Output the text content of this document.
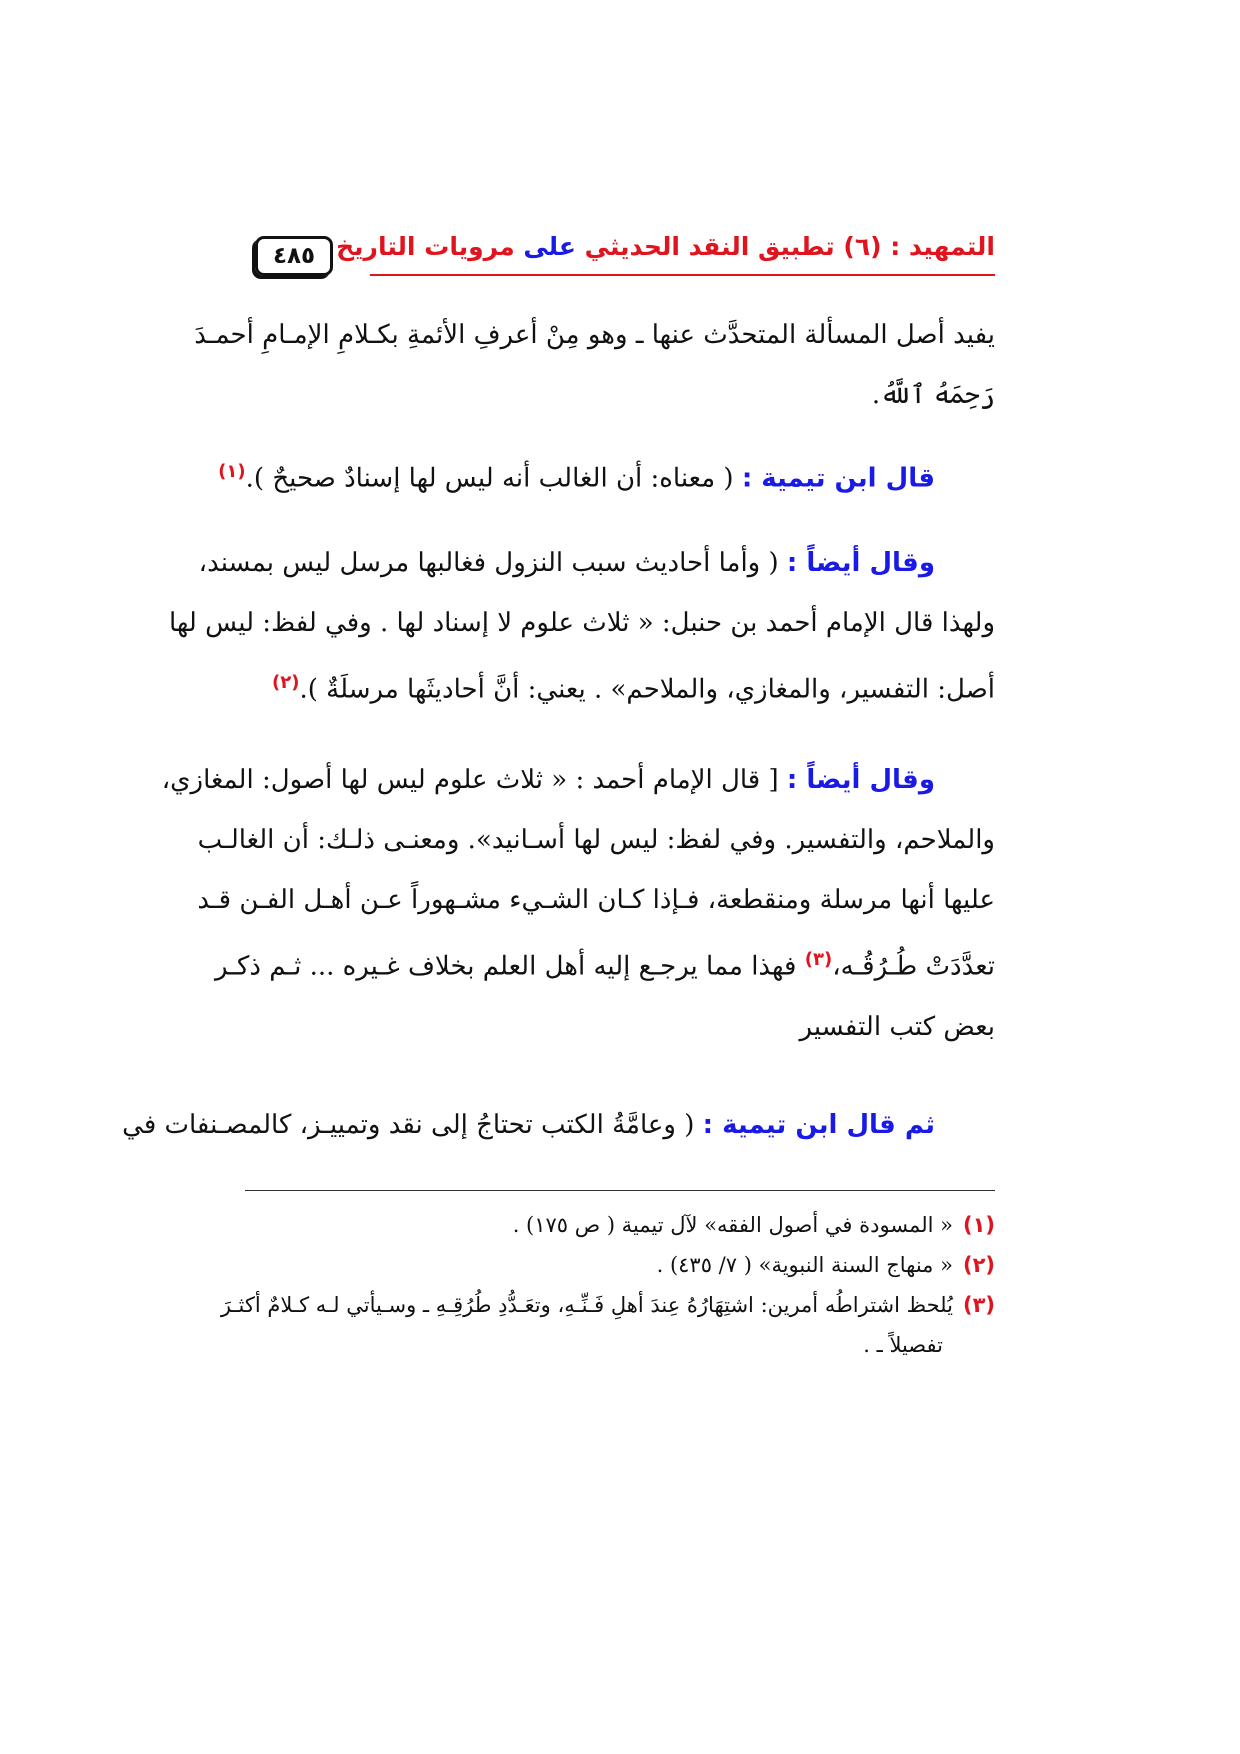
٤٨٥	التمهيد : (٦) تطبيق النقد الحديثي على مرويات التاريخ
يفيد أصل المسألة المتحدَّث عنها ـ وهو مِنْ أعرفِ الأئمةِ بكـلامِ الإمـامِ أحمـدَ
رَحِمَهُ ٱللَّهُ.
قال ابن تيمية : ( معناه: أن الغالب أنه ليس لها إسنادٌ صحيحٌ ).$^{(١)}$
وقال أيضاً : ( وأما أحاديث سبب النزول فغالبها مرسل ليس بمسند،
ولهذا قال الإمام أحمد بن حنبل: « ثلاث علوم لا إسناد لها . وفي لفظ: ليس لها
أصل: التفسير، والمغازي، والملاحم» . يعني: أنَّ أحاديثَها مرسلَةٌ ).$^{(٢)}$
وقال أيضاً : [ قال الإمام أحمد : « ثلاث علوم ليس لها أصول: المغازي،
والملاحم، والتفسير. وفي لفظ: ليس لها أسـانيد». ومعنـى ذلـك: أن الغالـب
عليها أنها مرسلة ومنقطعة، فـإذا كـان الشـيء مشـهوراً عـن أهـل الفـن قـد
تعدَّدَتْ طُـرُقُـه،$^{(٣)}$ فهذا مما يرجـع إليه أهل العلم بخلاف غـيره ... ثـم ذكـر
بعض كتب التفسير
ثم قال ابن تيمية : ( وعامَّةُ الكتب تحتاجُ إلى نقد وتمييـز، كالمصـنفات في
(١)« المسودة في أصول الفقه» لآل تيمية ( ص ١٧٥) .
(٢)« منهاج السنة النبوية» ( ٧/ ٤٣٥) .
(٣)يُلحظ اشتراطُه أمرين: اشتِهَارُهُ عِندَ أهلِ فَـنِّـهِ، وتعَـدُّدِ طُرُقِـهِ ـ وسـيأتي لـه كـلامٌ أكثـرَ
تفصيلاً ـ .
